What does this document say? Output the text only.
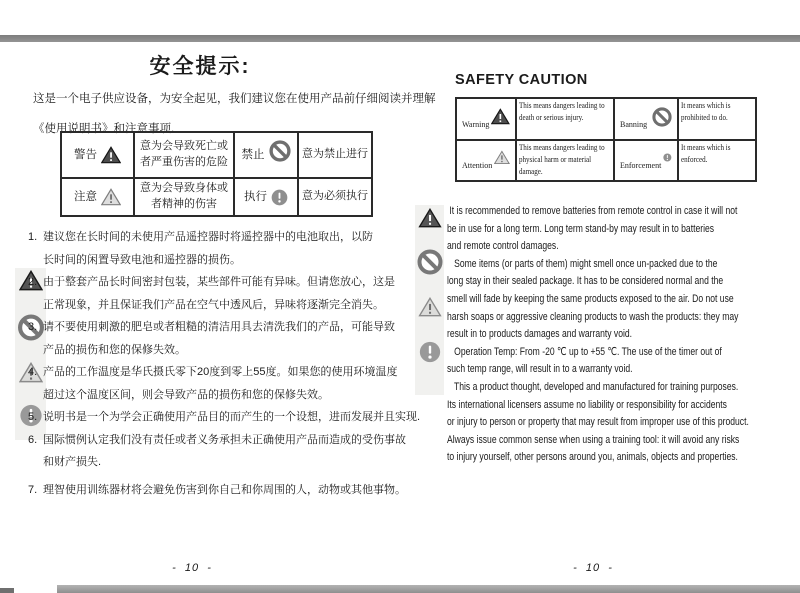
安全提示:
这是一个电子供应设备，为安全起见，我们建议您在使用产品前仔细阅读并理解
《使用说明书》和注意事项.
警告	意为会导致死亡或者严重伤害的危险	禁止	意为禁止进行

注意	意为会导致身体或者精神的伤害	执行	意为必须执行
1. 建议您在长时间的未使用产品遥控器时将遥控器中的电池取出，以防
长时间的闲置导致电池和遥控器的损伤。
2. 由于整套产品长时间密封包装，某些部件可能有异味。但请您放心，这是
正常现象，并且保证我们产品在空气中透风后，异味将逐渐完全消失。
3. 请不要使用刺激的肥皂或者粗糙的清洁用具去清洗我们的产品，可能导致
产品的损伤和您的保修失效。
4. 产品的工作温度是华氏摄氏零下20度到零上55度。如果您的使用环境温度
超过这个温度区间，则会导致产品的损伤和您的保修失效。
5. 说明书是一个为学会正确使用产品目的而产生的一个设想，进而发展并且实现.
6. 国际惯例认定我们没有责任或者义务承担未正确使用产品而造成的受伤事故
和财产损失.
7. 理智使用训练器材将会避免伤害到你自己和你周围的人，动物或其他事物。
-  10  -
SAFETY CAUTION
Warning	This means dangers leading to death or serious injury.	Banning	It means which is prohibited to do.

Attention	This means dangers leading to physical harm or material damage.	Enforcement	It means which is enforced.
It is recommended to remove batteries from remote control in case it will not
be in use for a long term. Long term stand-by may result in to batteries
and remote control damages.
Some items (or parts of them) might smell once un-packed due to the
long stay in their sealed package. It has to be considered normal and the
smell will fade by keeping the same products exposed to the air. Do not use
harsh soaps or aggressive cleaning products to wash the products: they may
result in to products damages and warranty void.
Operation Temp: From -20 ℃ up to +55 ℃. The use of the timer out of
such temp range, will result in to a warranty void.
This a product thought, developed and manufactured for training purposes.
Its international licensers assume no liability or responsibility for accidents
or injury to person or property that may result from improper use of this product.
Always issue common sense when using a training tool: it will avoid any risks
to injury yourself, other persons around you, animals, objects and properties.
-  10  -
